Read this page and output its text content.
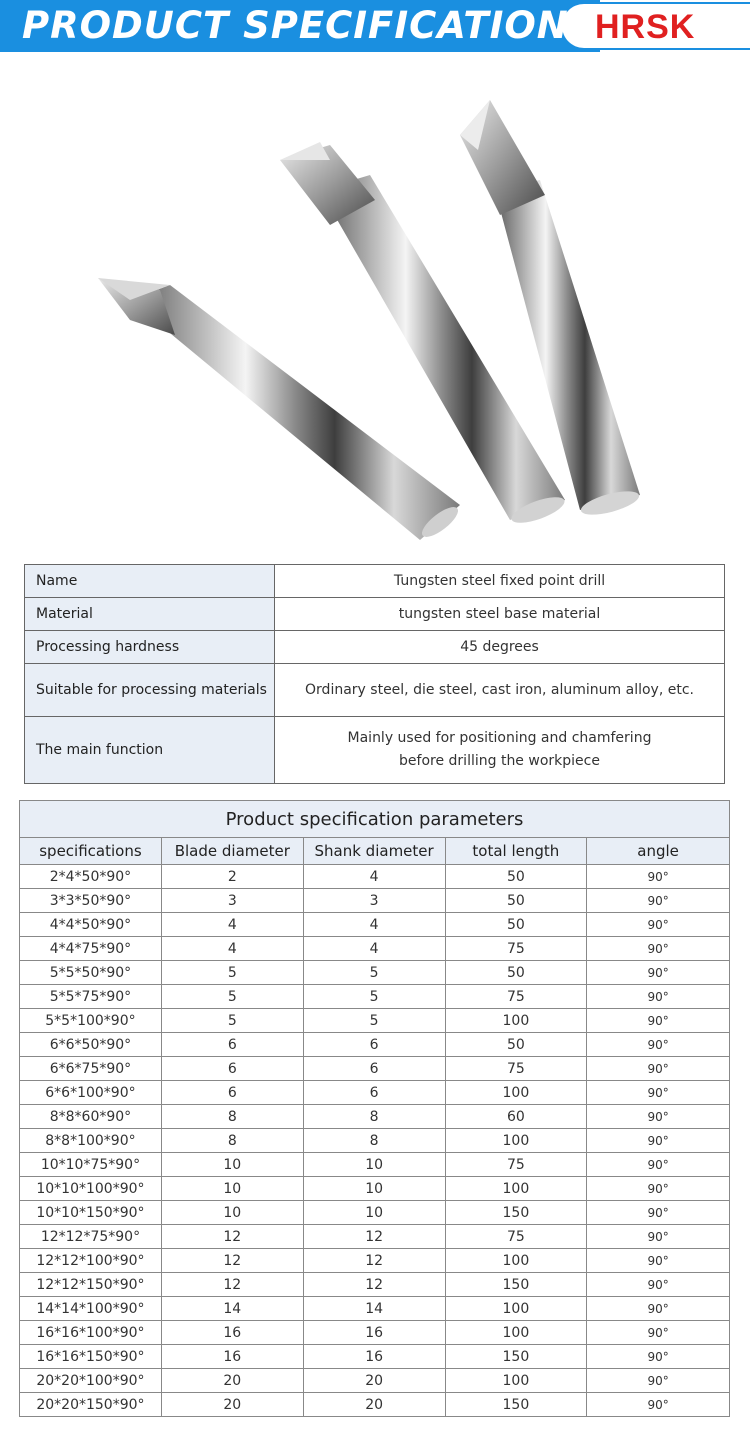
PRODUCT SPECIFICATIONS
HRSK
Name	Tungsten steel fixed point drill
Material	tungsten steel base material
Processing hardness	45 degrees
Suitable for processing materials	Ordinary steel, die steel, cast iron, aluminum alloy, etc.
The main function	Mainly used for positioning and chamfering
before drilling the workpiece
Product specification parameters				
specifications	Blade diameter	Shank diameter	total length	angle
2*4*50*90°	2	4	50	90°
3*3*50*90°	3	3	50	90°
4*4*50*90°	4	4	50	90°
4*4*75*90°	4	4	75	90°
5*5*50*90°	5	5	50	90°
5*5*75*90°	5	5	75	90°
5*5*100*90°	5	5	100	90°
6*6*50*90°	6	6	50	90°
6*6*75*90°	6	6	75	90°
6*6*100*90°	6	6	100	90°
8*8*60*90°	8	8	60	90°
8*8*100*90°	8	8	100	90°
10*10*75*90°	10	10	75	90°
10*10*100*90°	10	10	100	90°
10*10*150*90°	10	10	150	90°
12*12*75*90°	12	12	75	90°
12*12*100*90°	12	12	100	90°
12*12*150*90°	12	12	150	90°
14*14*100*90°	14	14	100	90°
16*16*100*90°	16	16	100	90°
16*16*150*90°	16	16	150	90°
20*20*100*90°	20	20	100	90°
20*20*150*90°	20	20	150	90°
